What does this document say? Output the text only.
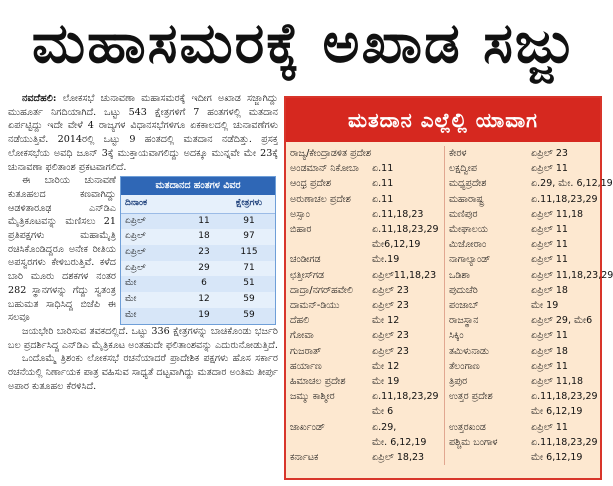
ಮಹಾಸಮರಕ್ಕೆ ಅಖಾಡ ಸಜ್ಜು

ನವದೆಹಲಿ: ಲೋಕಸಭೆ ಚುನಾವಣಾ ಮಹಾಸಮರಕ್ಕೆ ಇದೀಗ ಅಖಾಡ ಸಜ್ಜಾಗಿದ್ದು ಮುಹೂರ್ತ ನಿಗದಿಯಾಗಿದೆ. ಒಟ್ಟು 543 ಕ್ಷೇತ್ರಗಳಿಗೆ 7 ಹಂತಗಳಲ್ಲಿ ಮತದಾನ ಏರ್ಪಟ್ಟಿದ್ದು ಇದೇ ವೇಳೆ 4 ರಾಜ್ಯಗಳ ವಿಧಾನಸಭೆಗಳಿಗೂ ಏಕಕಾಲದಲ್ಲಿ ಚುನಾವಣೆಗಳು ನಡೆಯುತ್ತಿವೆ. 2014ರಲ್ಲಿ ಒಟ್ಟು 9 ಹಂತದಲ್ಲಿ ಮತದಾನ ನಡೆದಿತ್ತು. ಪ್ರಸಕ್ತ ಲೋಕಸಭೆಯ ಅವಧಿ ಜೂನ್ 3ಕ್ಕೆ ಮುಕ್ತಾಯವಾಗಲಿದ್ದು ಅದಕ್ಕೂ ಮುನ್ನವೇ ಮೇ 23ಕ್ಕೆ ಚುನಾವಣಾ ಫಲಿತಾಂಶ ಪ್ರಕಟವಾಗಲಿದೆ.

ಈ ಬಾರಿಯ ಚುನಾವಣೆ ಕುತೂಹಲದ ಕಣವಾಗಿದ್ದು ಆಡಳಿತಾರೂಢ ಎನ್‌ಡಿಎ ಮೈತ್ರಿಕೂಟವನ್ನು ಮಣಿಸಲು 21 ಪ್ರತಿಪಕ್ಷಗಳು ಮಹಾಮೈತ್ರಿ ರಚಿಸಿಕೊಂಡಿದ್ದರೂ ಅನೇಕ ರೀತಿಯ ಅಪಸ್ವರಗಳು ಕೇಳಿಬರುತ್ತಿವೆ. ಕಳೆದ ಬಾರಿ ಮೂರು ದಶಕಗಳ ನಂತರ 282 ಸ್ಥಾನಗಳನ್ನು ಗೆದ್ದು ಸ್ವತಂತ್ರ ಬಹುಮತ ಸಾಧಿಸಿದ್ದ ಬಿಜೆಪಿ ಈ ಸಲವೂ

ಮತದಾನದ ಹಂತಗಳ ವಿವರ
ದಿನಾಂಕ	ಕ್ಷೇತ್ರಗಳು
ಏಪ್ರಿಲ್	11	91
ಏಪ್ರಿಲ್	18	97
ಏಪ್ರಿಲ್	23	115
ಏಪ್ರಿಲ್	29	71
ಮೇ	6	51
ಮೇ	12	59
ಮೇ	19	59

ಜಯಭೇರಿ ಬಾರಿಸುವ ತವಕದಲ್ಲಿದೆ. ಒಟ್ಟು 336 ಕ್ಷೇತ್ರಗಳನ್ನು ಬಾಚಿಕೊಂಡು ಭರ್ಜರಿ ಬಲ ಪ್ರದರ್ಶಿಸಿದ್ದ ಎನ್‌ಡಿಎ ಮೈತ್ರಿಕೂಟ ಅಂತಹುದೇ ಫಲಿತಾಂಶವನ್ನು ಎದುರುನೋಡುತ್ತಿದೆ.

ಒಂದೊಮ್ಮೆ ತ್ರಿಶಂಕು ಲೋಕಸಭೆ ರಚನೆಯಾದರೆ ಪ್ರಾದೇಶಿಕ ಪಕ್ಷಗಳು ಹೊಸ ಸರ್ಕಾರ ರಚನೆಯಲ್ಲಿ ನಿರ್ಣಾಯಕ ಪಾತ್ರ ವಹಿಸುವ ಸಾಧ್ಯತೆ ದಟ್ಟವಾಗಿದ್ದು ಮತದಾರ ಅಂತಿಮ ತೀರ್ಪು ಅಪಾರ ಕುತೂಹಲ ಕೆರಳಿಸಿದೆ.

ಮತದಾನ ಎಲ್ಲೆಲ್ಲಿ ಯಾವಾಗ
ರಾಜ್ಯ/ಕೇಂದ್ರಾಡಳಿತ ಪ್ರದೇಶ
ಅಂಡಮಾನ್ ನಿಕೋಬಾ	ಏ.11
ಆಂಧ್ರ ಪ್ರದೇಶ	ಏ.11
ಅರುಣಾಚಲ ಪ್ರದೇಶ	ಏ.11
ಅಸ್ಸಾಂ	ಏ.11,18,23
ಬಿಹಾರ	ಏ.11,18,23,29
ಮೇ6,12,19
ಚಂಡೀಗಡ	ಮೇ.19
ಛತ್ತೀಸ್‌ಗಡ	ಏಪ್ರಿಲ್11,18,23
ದಾದ್ರಾ/ನಗರ್‌ಹವೇಲಿ	ಏಪ್ರಿಲ್ 23
ದಾಮನ್-ಡಿಯು	ಏಪ್ರಿಲ್ 23
ದೆಹಲಿ	ಮೇ 12
ಗೋವಾ	ಏಪ್ರಿಲ್ 23
ಗುಜರಾತ್	ಏಪ್ರಿಲ್ 23
ಹರ್ಯಾಣ	ಮೇ 12
ಹಿಮಾಚಲ ಪ್ರದೇಶ	ಮೇ 19
ಜಮ್ಮು ಕಾಶ್ಮೀರ	ಏ.11,18,23,29
ಮೇ 6
ಜಾರ್ಖಂಡ್	ಏ.29,
ಮೇ. 6,12,19
ಕರ್ನಾಟಕ	ಏಪ್ರಿಲ್ 18,23
ಕೇರಳ	ಏಪ್ರಿಲ್ 23
ಲಕ್ಷದ್ವೀಪ	ಏಪ್ರಿಲ್ 11
ಮಧ್ಯಪ್ರದೇಶ	ಏ.29, ಮೇ. 6,12,19
ಮಹಾರಾಷ್ಟ್ರ	ಏ.11,18,23,29
ಮಣಿಪುರ	ಏಪ್ರಿಲ್ 11,18
ಮೇಘಾಲಯ	ಏಪ್ರಿಲ್ 11
ಮಿಜೋರಾಂ	ಏಪ್ರಿಲ್ 11
ನಾಗಾಲ್ಯಾಂಡ್	ಏಪ್ರಿಲ್ 11
ಒಡಿಶಾ	ಏಪ್ರಿಲ್ 11,18,23,29
ಪುದುಚೆರಿ	ಏಪ್ರಿಲ್ 18
ಪಂಜಾಬ್	ಮೇ 19
ರಾಜಸ್ಥಾನ	ಏಪ್ರಿಲ್ 29, ಮೇ6
ಸಿಕ್ಕಿಂ	ಏಪ್ರಿಲ್ 11
ತಮಿಳುನಾಡು	ಏಪ್ರಿಲ್ 18
ತೆಲಂಗಾಣ	ಏಪ್ರಿಲ್ 11
ತ್ರಿಪುರ	ಏಪ್ರಿಲ್ 11,18
ಉತ್ತರ ಪ್ರದೇಶ	ಏ.11,18,23,29
ಮೇ 6,12,19
ಉತ್ತರಖಂಡ	ಏಪ್ರಿಲ್ 11
ಪಶ್ಚಿಮ ಬಂಗಾಳ	ಏ.11,18,23,29
ಮೇ 6,12,19
